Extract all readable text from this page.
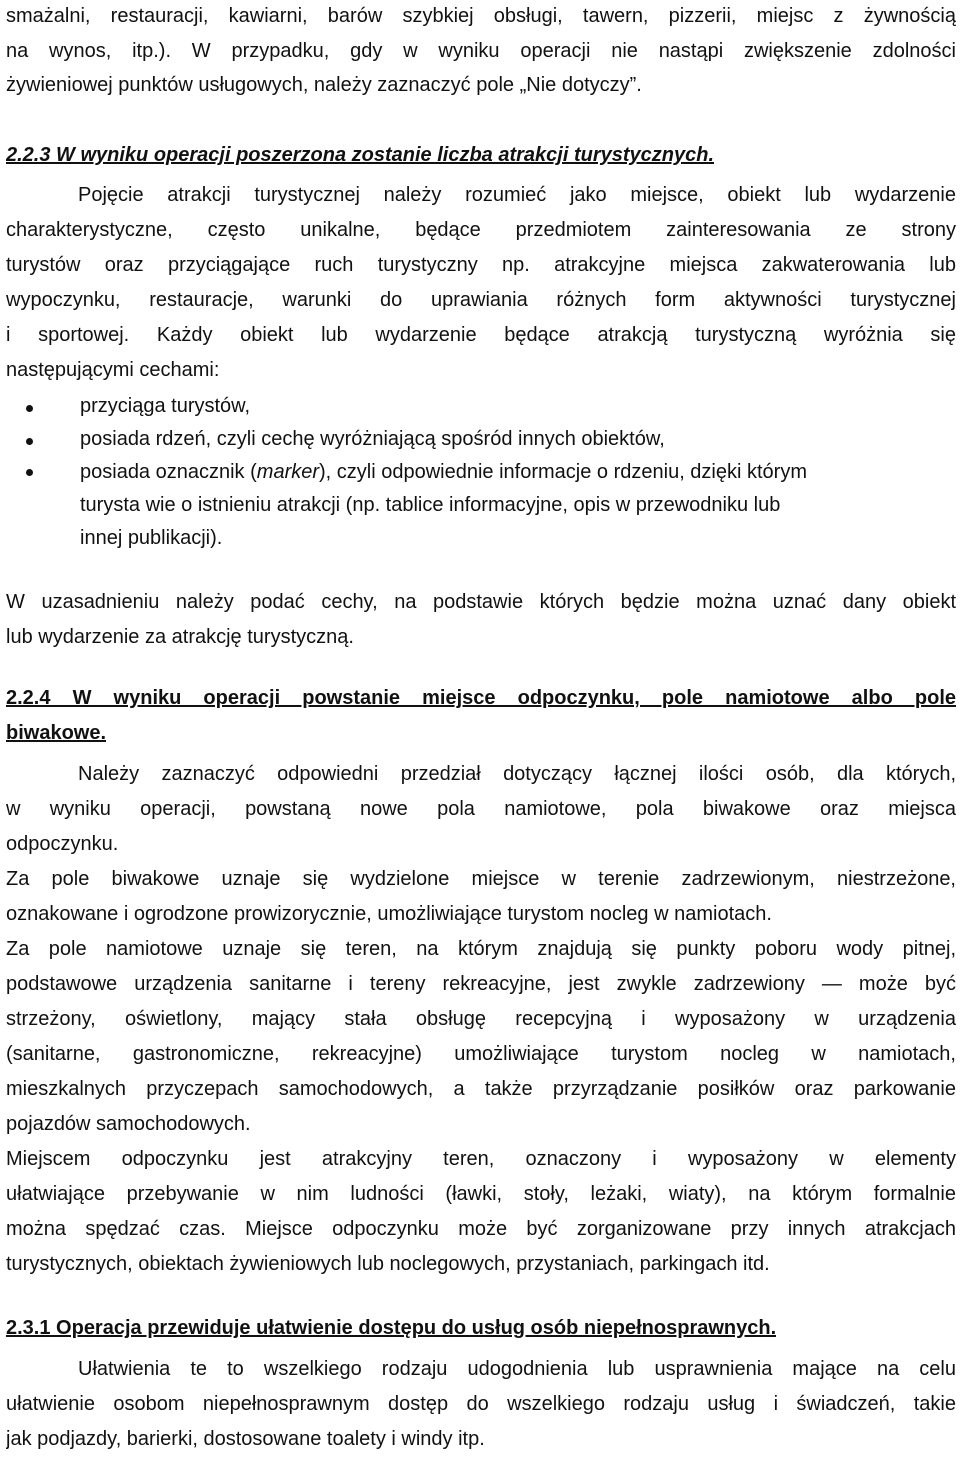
smażalni, restauracji, kawiarni, barów szybkiej obsługi, tawern, pizzerii, miejsc z żywnością

na wynos, itp.). W przypadku, gdy w wyniku operacji nie nastąpi zwiększenie zdolności

żywieniowej punktów usługowych, należy zaznaczyć pole „Nie dotyczy”.

2.2.3 W wyniku operacji poszerzona zostanie liczba atrakcji turystycznych.

Pojęcie atrakcji turystycznej należy rozumieć jako miejsce, obiekt lub wydarzenie

charakterystyczne, często unikalne, będące przedmiotem zainteresowania ze strony

turystów oraz przyciągające ruch turystyczny np. atrakcyjne miejsca zakwaterowania lub

wypoczynku, restauracje, warunki do uprawiania różnych form aktywności turystycznej

i sportowej. Każdy obiekt lub wydarzenie będące atrakcją turystyczną wyróżnia się

następującymi cechami:

przyciąga turystów,
posiada rdzeń, czyli cechę wyróżniającą spośród innych obiektów,

posiada oznacznik (marker), czyli odpowiednie informacje o rdzeniu, dzięki którym

turysta wie o istnieniu atrakcji (np. tablice informacyjne, opis w przewodniku lub

innej publikacji).

W uzasadnieniu należy podać cechy, na podstawie których będzie można uznać dany obiekt

lub wydarzenie za atrakcję turystyczną.

2.2.4 W wyniku operacji powstanie miejsce odpoczynku, pole namiotowe albo pole

biwakowe.

Należy zaznaczyć odpowiedni przedział dotyczący łącznej ilości osób, dla których,

w wyniku operacji, powstaną nowe pola namiotowe, pola biwakowe oraz miejsca

odpoczynku.

Za pole biwakowe uznaje się wydzielone miejsce w terenie zadrzewionym, niestrzeżone,

oznakowane i ogrodzone prowizorycznie, umożliwiające turystom nocleg w namiotach.

Za pole namiotowe uznaje się teren, na którym znajdują się punkty poboru wody pitnej,

podstawowe urządzenia sanitarne i tereny rekreacyjne, jest zwykle zadrzewiony — może być

strzeżony, oświetlony, mający stała obsługę recepcyjną i wyposażony w urządzenia

(sanitarne, gastronomiczne, rekreacyjne) umożliwiające turystom nocleg w namiotach,

mieszkalnych przyczepach samochodowych, a także przyrządzanie posiłków oraz parkowanie

pojazdów samochodowych.

Miejscem odpoczynku jest atrakcyjny teren, oznaczony i wyposażony w elementy

ułatwiające przebywanie w nim ludności (ławki, stoły, leżaki, wiaty), na którym formalnie

można spędzać czas. Miejsce odpoczynku może być zorganizowane przy innych atrakcjach

turystycznych, obiektach żywieniowych lub noclegowych, przystaniach, parkingach itd.

2.3.1 Operacja przewiduje ułatwienie dostępu do usług osób niepełnosprawnych.

Ułatwienia te to wszelkiego rodzaju udogodnienia lub usprawnienia mające na celu

ułatwienie osobom niepełnosprawnym dostęp do wszelkiego rodzaju usług i świadczeń, takie

jak podjazdy, barierki, dostosowane toalety i windy itp.
